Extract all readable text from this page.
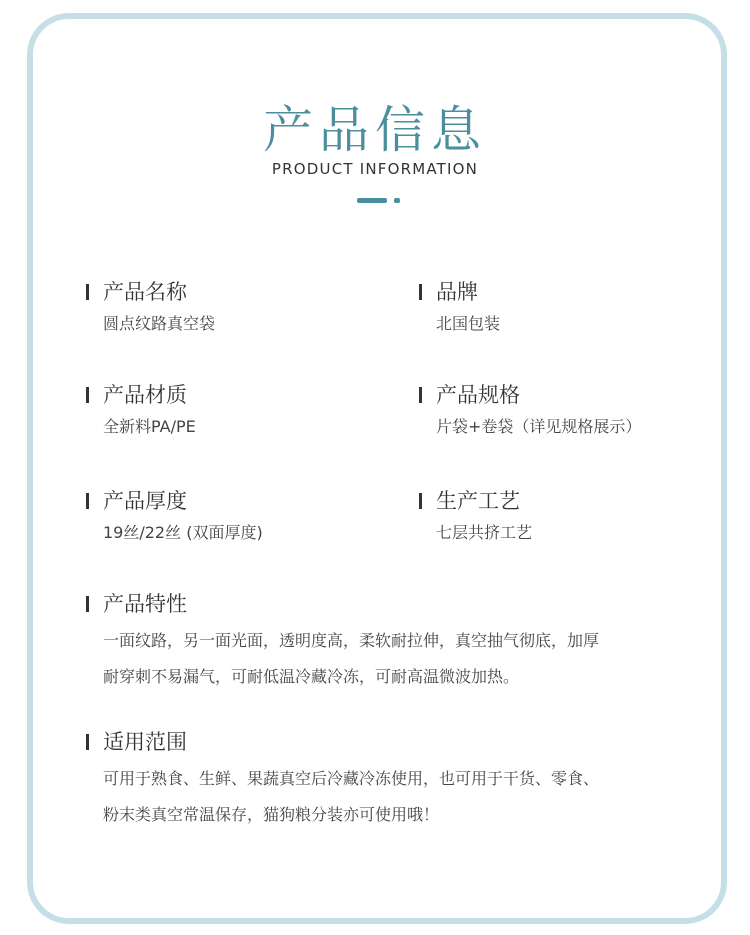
产品信息
PRODUCT INFORMATION
产品名称
圆点纹路真空袋
品牌
北国包装
产品材质
全新料PA/PE
产品规格
片袋+卷袋（详见规格展示）
产品厚度
19丝/22丝 (双面厚度)
生产工艺
七层共挤工艺
产品特性
一面纹路，另一面光面，透明度高，柔软耐拉伸，真空抽气彻底，加厚
耐穿刺不易漏气，可耐低温冷藏冷冻，可耐高温微波加热。
适用范围
可用于熟食、生鲜、果蔬真空后冷藏冷冻使用，也可用于干货、零食、
粉末类真空常温保存，猫狗粮分装亦可使用哦！
